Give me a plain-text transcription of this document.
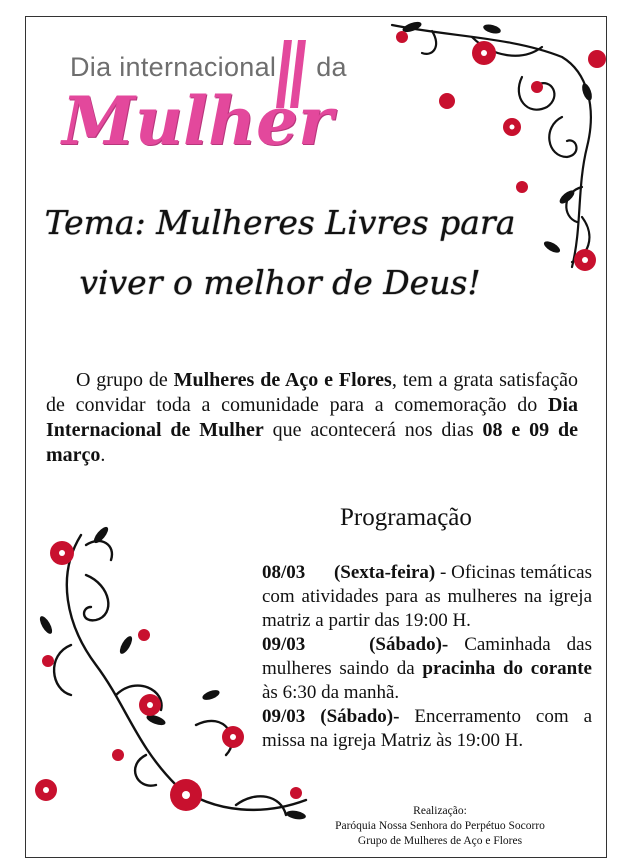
Dia internacional da
Mulher
Tema: Mulheres Livres para
viver o melhor de Deus!
O grupo de Mulheres de Aço e Flores, tem a grata satisfação de convidar toda a comunidade para a comemoração do Dia Internacional de Mulher que acontecerá nos dias 08 e 09 de março.
Programação

08/03 (Sexta-feira) - Oficinas temáticas com atividades para as mulheres na igreja matriz a partir das 19:00 H.

09/03	(Sábado)- Caminhada das mulheres saindo da pracinha do corante às 6:30 da manhã.

09/03 (Sábado)- Encerramento com a missa na igreja Matriz às 19:00 H.

Realização:
Paróquia Nossa Senhora do Perpétuo Socorro
Grupo de Mulheres de Aço e Flores
